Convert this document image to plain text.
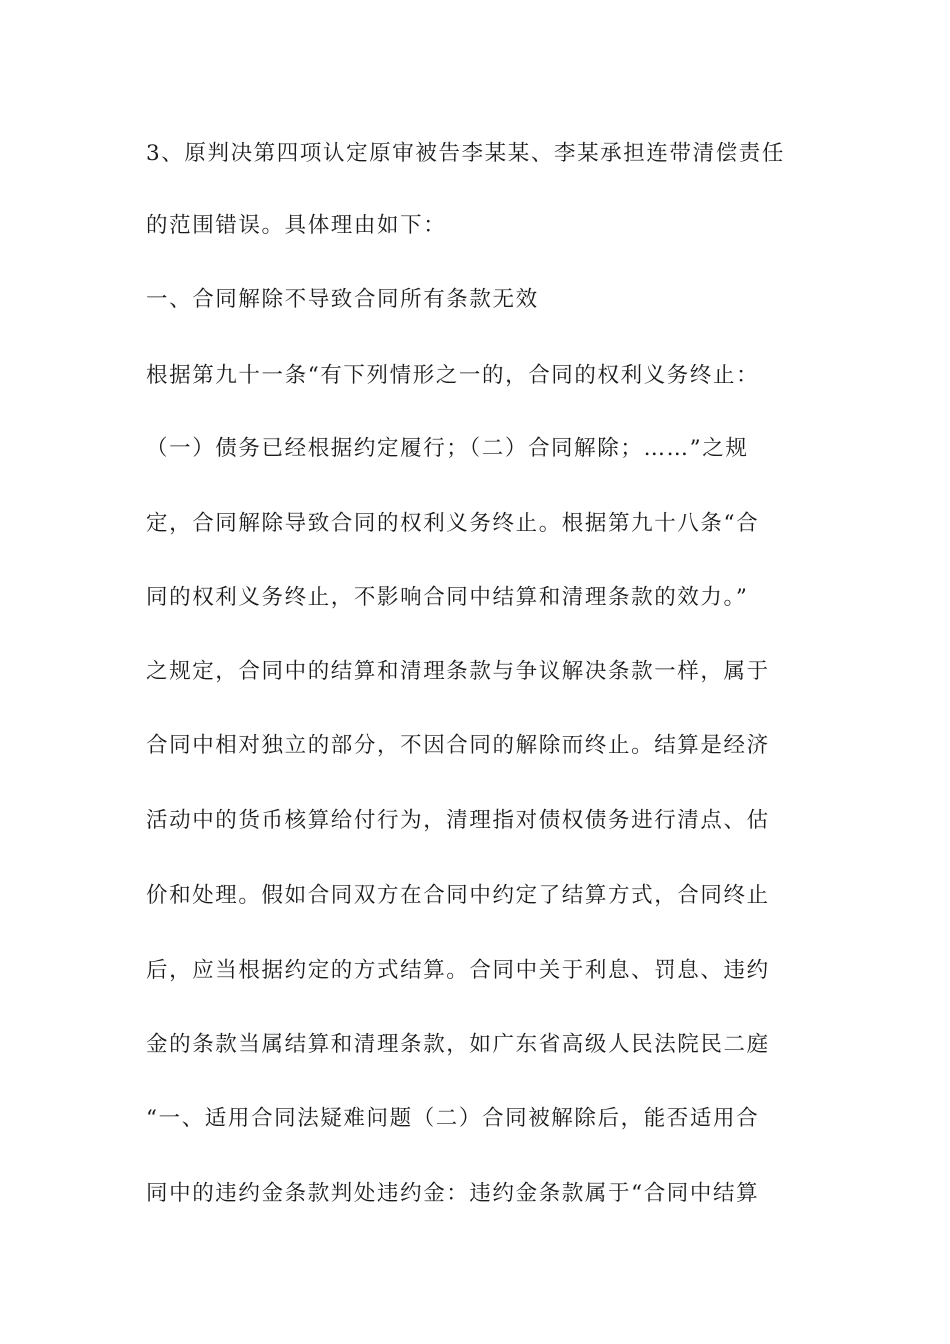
3、原判决第四项认定原审被告李某某、李某承担连带清偿责任
的范围错误。具体理由如下：
一、合同解除不导致合同所有条款无效
根据第九十一条“有下列情形之一的，合同的权利义务终止：
（一）债务已经根据约定履行；（二）合同解除；……”之规
定，合同解除导致合同的权利义务终止。根据第九十八条“合
同的权利义务终止，不影响合同中结算和清理条款的效力。”
之规定，合同中的结算和清理条款与争议解决条款一样，属于
合同中相对独立的部分，不因合同的解除而终止。结算是经济
活动中的货币核算给付行为，清理指对债权债务进行清点、估
价和处理。假如合同双方在合同中约定了结算方式，合同终止
后，应当根据约定的方式结算。合同中关于利息、罚息、违约
金的条款当属结算和清理条款，如广东省高级人民法院民二庭
“一、适用合同法疑难问题（二）合同被解除后，能否适用合
同中的违约金条款判处违约金：违约金条款属于“合同中结算
